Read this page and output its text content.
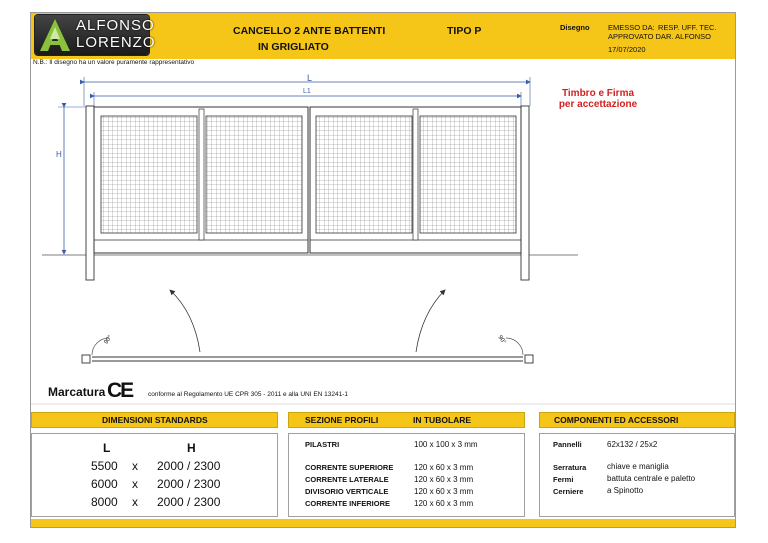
ALFONSO
LORENZO
CANCELLO 2 ANTE BATTENTI
IN GRIGLIATO
TIPO P	Disegno EMESSO DA: RESP. UFF. TEC.
APPROVATO DA:
R. ALFONSO
17/07/2020
N.B.: Il disegno ha un valore puramente rappresentativo
Timbro e Firma
per accettazione
L
L1
H
90°	90°
Marcatura CE conforme al Regolamento UE CPR 305 - 2011 e alla UNI EN 13241-1
DIMENSIONI STANDARDS
L	H
5500 x 2000 / 2300
6000 x 2000 / 2300
8000 x 2000 / 2300
SEZIONE PROFILI	IN TUBOLARE
PILASTRI	100 x 100 x 3 mm
CORRENTE SUPERIORE	120 x 60 x 3 mm
CORRENTE LATERALE	120 x 60 x 3 mm
DIVISORIO VERTICALE	120 x 60 x 3 mm
CORRENTE INFERIORE	120 x 60 x 3 mm
COMPONENTI ED ACCESSORI
Pannelli	62x132 / 25x2
Serratura	chiave e maniglia
Fermi	battuta centrale e paletto
Cerniere	a Spinotto
